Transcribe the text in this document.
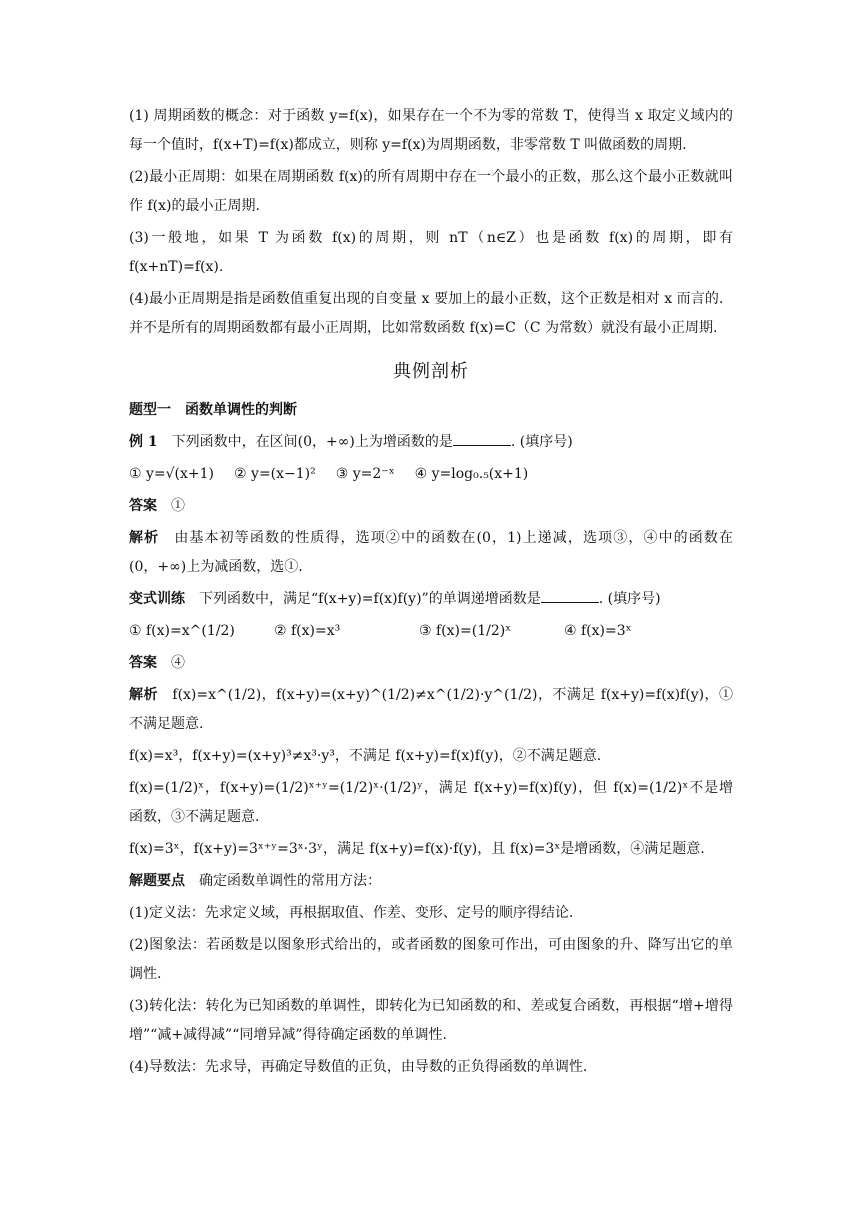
(1) 周期函数的概念：对于函数 y=f(x)，如果存在一个不为零的常数 T，使得当 x 取定义域内的每一个值时，f(x+T)=f(x)都成立，则称 y=f(x)为周期函数，非零常数 T 叫做函数的周期.

(2)最小正周期：如果在周期函数 f(x)的所有周期中存在一个最小的正数，那么这个最小正数就叫作 f(x)的最小正周期.

(3)一般地，如果 T 为函数 f(x)的周期，则 nT（n∈Z）也是函数 f(x)的周期，即有 f(x+nT)=f(x).

(4)最小正周期是指是函数值重复出现的自变量 x 要加上的最小正数，这个正数是相对 x 而言的．并不是所有的周期函数都有最小正周期，比如常数函数 f(x)=C（C 为常数）就没有最小正周期.

典例剖析

题型一　函数单调性的判断

例 1　下列函数中，在区间(0，+∞)上为增函数的是	. (填序号)

① y=√(x+1) ② y=(x−1)² ③ y=2⁻ˣ ④ y=log₀.₅(x+1)

答案　①

解析　由基本初等函数的性质得，选项②中的函数在(0，1)上递减，选项③，④中的函数在(0，+∞)上为减函数，选①.

变式训练　下列函数中，满足“f(x+y)=f(x)f(y)”的单调递增函数是	. (填序号)

① f(x)=x^(1/2)	② f(x)=x³	③ f(x)=(1/2)ˣ	④ f(x)=3ˣ

答案　④

解析　f(x)=x^(1/2)，f(x+y)=(x+y)^(1/2)≠x^(1/2)·y^(1/2)，不满足 f(x+y)=f(x)f(y)，①不满足题意.

f(x)=x³，f(x+y)=(x+y)³≠x³·y³，不满足 f(x+y)=f(x)f(y)，②不满足题意.

f(x)=(1/2)ˣ，f(x+y)=(1/2)ˣ⁺ʸ=(1/2)ˣ·(1/2)ʸ，满足 f(x+y)=f(x)f(y)，但 f(x)=(1/2)ˣ不是增函数，③不满足题意.

f(x)=3ˣ，f(x+y)=3ˣ⁺ʸ=3ˣ·3ʸ，满足 f(x+y)=f(x)·f(y)，且 f(x)=3ˣ是增函数，④满足题意.

解题要点　确定函数单调性的常用方法：

(1)定义法：先求定义域，再根据取值、作差、变形、定号的顺序得结论.

(2)图象法：若函数是以图象形式给出的，或者函数的图象可作出，可由图象的升、降写出它的单调性.

(3)转化法：转化为已知函数的单调性，即转化为已知函数的和、差或复合函数，再根据“增+增得增”“减+减得减”“同增异减”得待确定函数的单调性.

(4)导数法：先求导，再确定导数值的正负，由导数的正负得函数的单调性.
